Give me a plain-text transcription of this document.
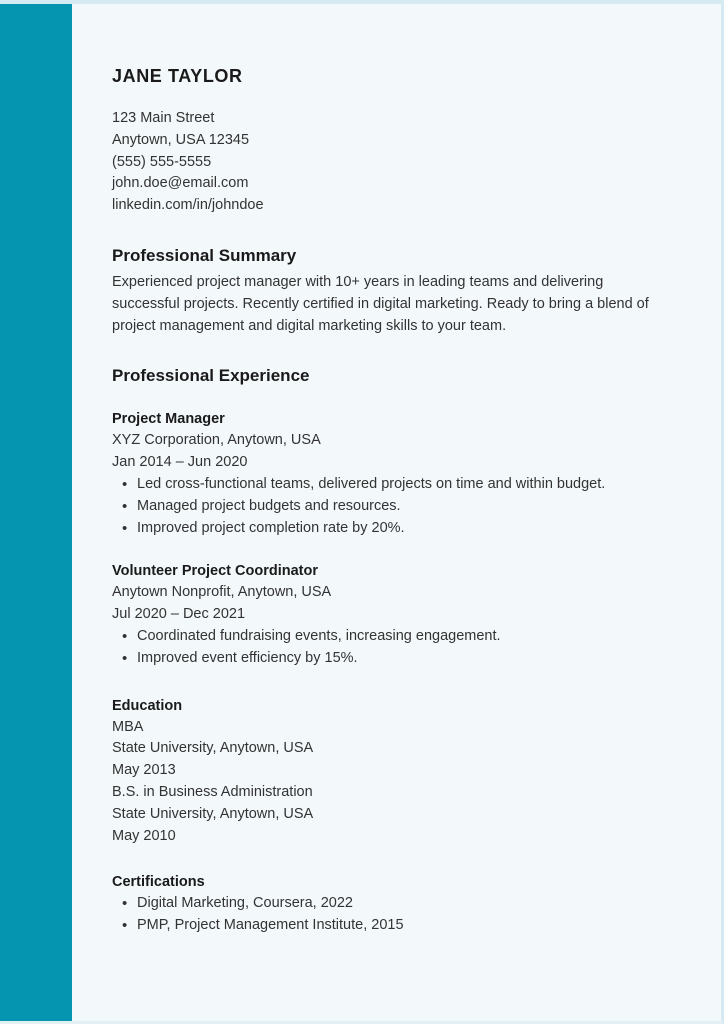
JANE TAYLOR
123 Main Street
Anytown, USA 12345
(555) 555-5555
john.doe@email.com
linkedin.com/in/johndoe
Professional Summary

Experienced project manager with 10+ years in leading teams and delivering successful projects. Recently certified in digital marketing. Ready to bring a blend of project management and digital marketing skills to your team.

Professional Experience
Project Manager
XYZ Corporation, Anytown, USA
Jan 2014 – Jun 2020
• Led cross-functional teams, delivered projects on time and within budget.
• Managed project budgets and resources.
• Improved project completion rate by 20%.
Volunteer Project Coordinator
Anytown Nonprofit, Anytown, USA
Jul 2020 – Dec 2021
• Coordinated fundraising events, increasing engagement.
• Improved event efficiency by 15%.
Education
MBA
State University, Anytown, USA
May 2013
B.S. in Business Administration
State University, Anytown, USA
May 2010
Certifications
• Digital Marketing, Coursera, 2022
• PMP, Project Management Institute, 2015
